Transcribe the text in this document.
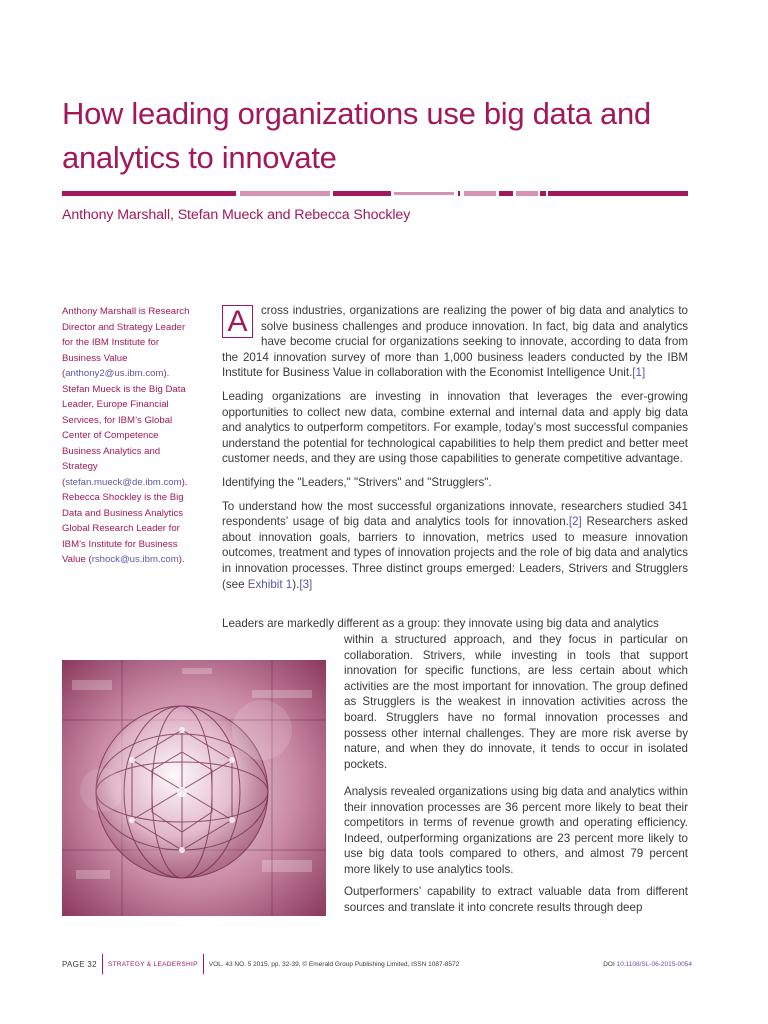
How leading organizations use big data and analytics to innovate
Anthony Marshall, Stefan Mueck and Rebecca Shockley
Anthony Marshall is Research Director and Strategy Leader for the IBM Institute for Business Value (anthony2@us.ibm.com). Stefan Mueck is the Big Data Leader, Europe Financial Services, for IBM’s Global Center of Competence Business Analytics and Strategy (stefan.mueck@de.ibm.com). Rebecca Shockley is the Big Data and Business Analytics Global Research Leader for IBM’s Institute for Business Value (rshock@us.ibm.com).

A	cross industries, organizations are realizing the power of big data and analytics to solve business challenges and produce innovation. In fact, big data and analytics have become crucial for organizations seeking to innovate, according to data from the 2014 innovation survey of more than 1,000 business leaders conducted by the IBM Institute for Business Value in collaboration with the Economist Intelligence Unit.[1]

Leading organizations are investing in innovation that leverages the ever-growing opportunities to collect new data, combine external and internal data and apply big data and analytics to outperform competitors. For example, today’s most successful companies understand the potential for technological capabilities to help them predict and better meet customer needs, and they are using those capabilities to generate competitive advantage.

Identifying the "Leaders," "Strivers" and "Strugglers".

To understand how the most successful organizations innovate, researchers studied 341 respondents’ usage of big data and analytics tools for innovation.[2] Researchers asked about innovation goals, barriers to innovation, metrics used to measure innovation outcomes, treatment and types of innovation projects and the role of big data and analytics in innovation processes. Three distinct groups emerged: Leaders, Strivers and Strugglers (see Exhibit 1).[3]

Leaders are markedly different as a group: they innovate using big data and analytics
within a structured approach, and they focus in particular on collaboration. Strivers, while investing in tools that support innovation for specific functions, are less certain about which activities are the most important for innovation. The group defined as Strugglers is the weakest in innovation activities across the board. Strugglers have no formal innovation processes and possess other internal challenges. They are more risk averse by nature, and when they do innovate, it tends to occur in isolated pockets.
Analysis revealed organizations using big data and analytics within their innovation processes are 36 percent more likely to beat their competitors in terms of revenue growth and operating efficiency. Indeed, outperforming organizations are 23 percent more likely to use big data tools compared to others, and almost 79 percent more likely to use analytics tools.
Outperformers’ capability to extract valuable data from different sources and translate it into concrete results through deep
PAGE 32 STRATEGY & LEADERSHIP VOL. 43 NO. 5 2015, pp. 32-39, © Emerald Group Publishing Limited, ISSN 1087-8572	DOI 10.1108/SL-06-2015-0054
